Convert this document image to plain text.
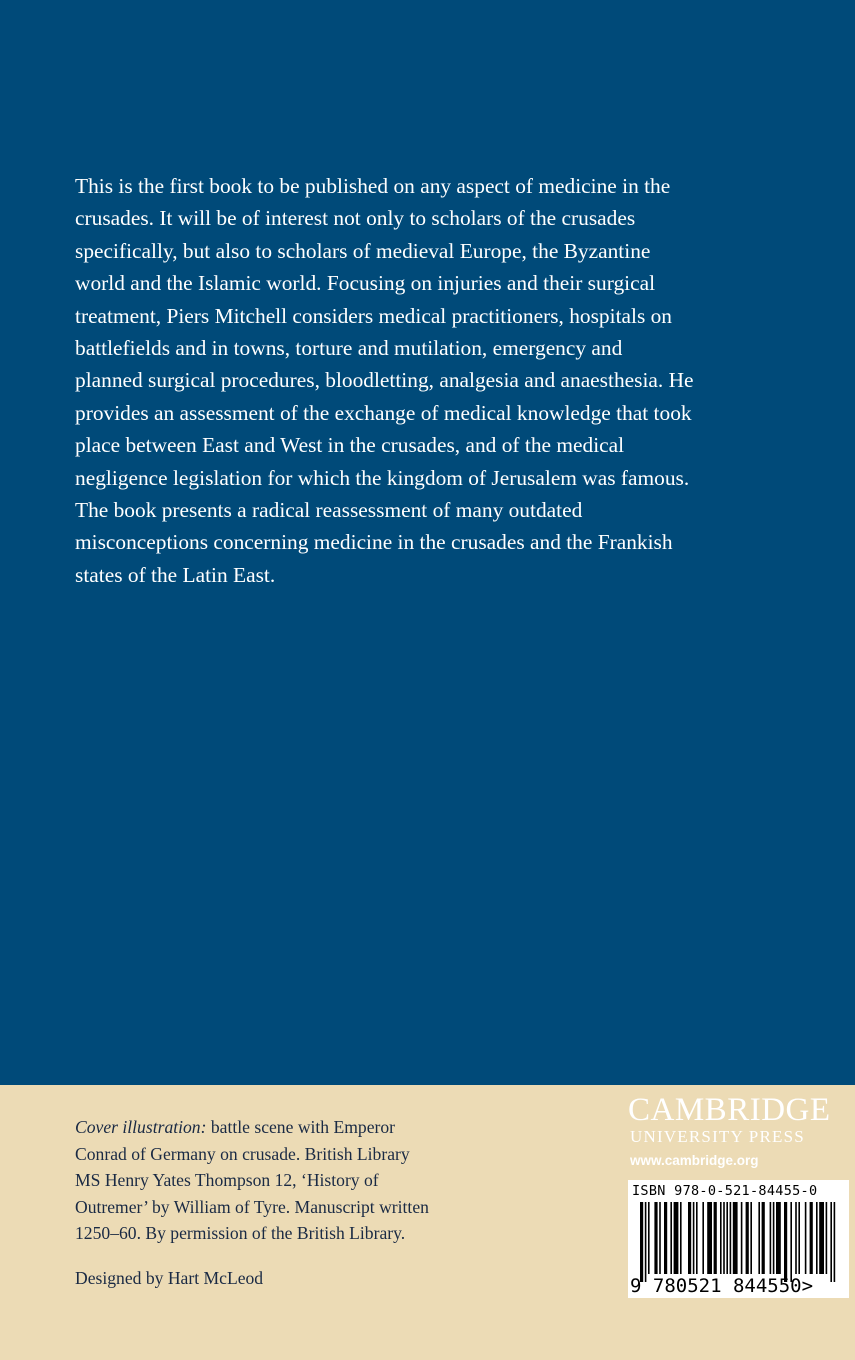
This is the first book to be published on any aspect of medicine in the

crusades. It will be of interest not only to scholars of the crusades

specifically, but also to scholars of medieval Europe, the Byzantine

world and the Islamic world. Focusing on injuries and their surgical

treatment, Piers Mitchell considers medical practitioners, hospitals on

battlefields and in towns, torture and mutilation, emergency and

planned surgical procedures, bloodletting, analgesia and anaesthesia. He

provides an assessment of the exchange of medical knowledge that took

place between East and West in the crusades, and of the medical

negligence legislation for which the kingdom of Jerusalem was famous.

The book presents a radical reassessment of many outdated

misconceptions concerning medicine in the crusades and the Frankish

states of the Latin East.

Cover illustration: battle scene with Emperor

Conrad of Germany on crusade. British Library

MS Henry Yates Thompson 12, ‘History of

Outremer’ by William of Tyre. Manuscript written

1250–60. By permission of the British Library.

Designed by Hart McLeod
CAMBRIDGE
UNIVERSITY PRESS
www.cambridge.org
ISBN 978-0-521-84455-0
9 780521 844550>
